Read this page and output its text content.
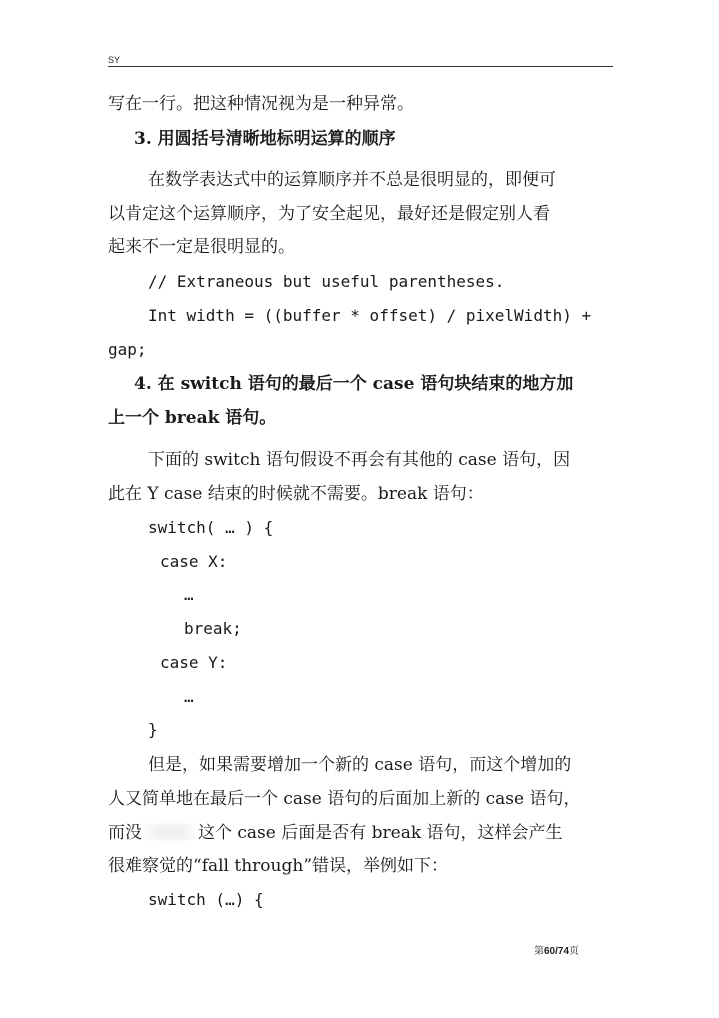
SY
写在一行。把这种情况视为是一种异常。
3. 用圆括号清晰地标明运算的顺序
在数学表达式中的运算顺序并不总是很明显的，即便可
以肯定这个运算顺序，为了安全起见，最好还是假定别人看
起来不一定是很明显的。
// Extraneous but useful parentheses.
Int width = ((buffer * offset) / pixelWidth) +
gap;
4. 在 switch 语句的最后一个 case 语句块结束的地方加
上一个 break 语句。
下面的 switch 语句假设不再会有其他的 case 语句，因
此在 Y case 结束的时候就不需要。break 语句：
switch( … ) {
case X:
…
break;
case Y:
…
}
但是，如果需要增加一个新的 case 语句，而这个增加的
人又简单地在最后一个 case 语句的后面加上新的 case 语句，
而没	这个 case 后面是否有 break 语句，这样会产生
很难察觉的“fall through”错误，举例如下：
switch (…) {
第60/74页
